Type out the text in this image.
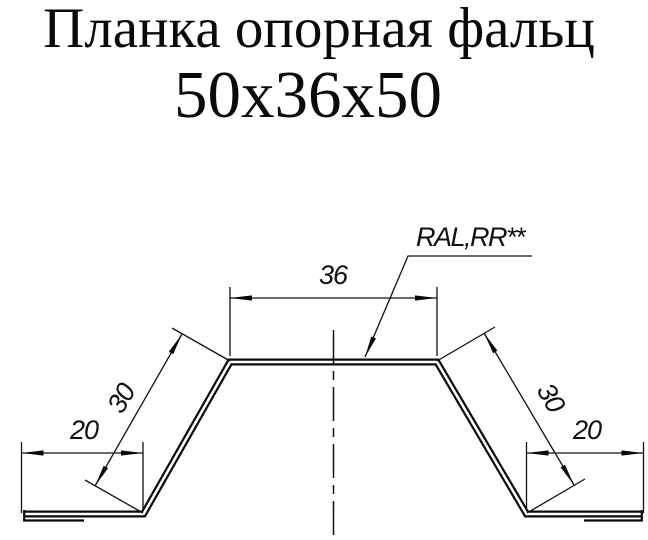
Планка опорная фальц
50x36x50
36
20	20
30	30
RAL,RR**
